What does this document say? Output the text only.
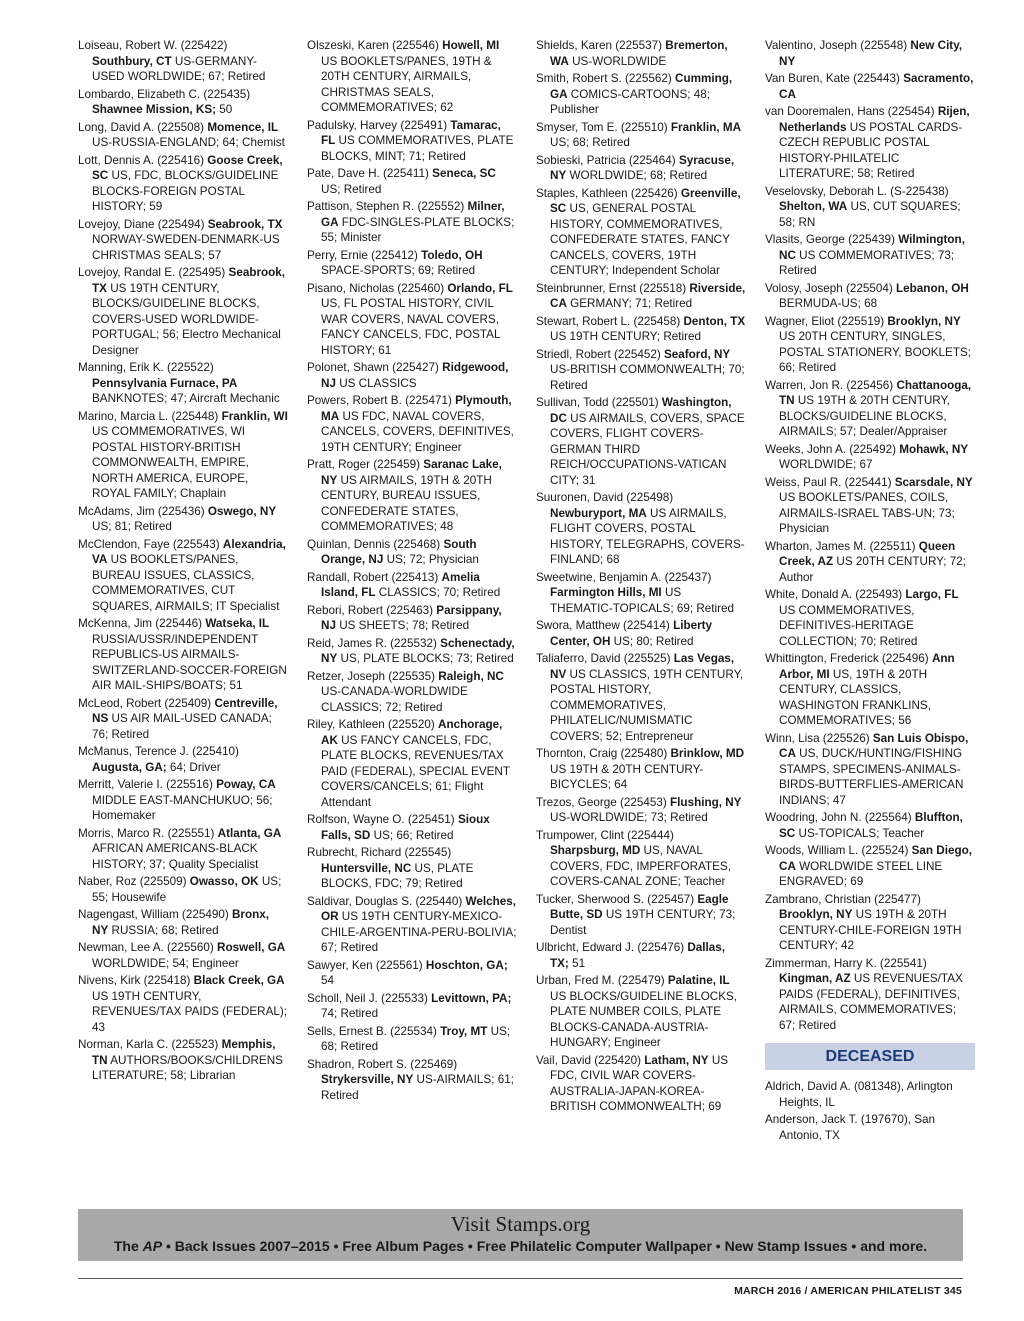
Loiseau, Robert W. (225422) Southbury, CT US-GERMANY-USED WORLDWIDE; 67; Retired
Lombardo, Elizabeth C. (225435) Shawnee Mission, KS; 50
Long, David A. (225508) Momence, IL US-RUSSIA-ENGLAND; 64; Chemist
Lott, Dennis A. (225416) Goose Creek, SC US, FDC, BLOCKS/GUIDELINE BLOCKS-FOREIGN POSTAL HISTORY; 59
Lovejoy, Diane (225494) Seabrook, TX NORWAY-SWEDEN-DENMARK-US CHRISTMAS SEALS; 57
Lovejoy, Randal E. (225495) Seabrook, TX US 19TH CENTURY, BLOCKS/GUIDELINE BLOCKS, COVERS-USED WORLDWIDE-PORTUGAL; 56; Electro Mechanical Designer
Manning, Erik K. (225522) Pennsylvania Furnace, PA BANKNOTES; 47; Aircraft Mechanic
Marino, Marcia L. (225448) Franklin, WI US COMMEMORATIVES, WI POSTAL HISTORY-BRITISH COMMONWEALTH, EMPIRE, NORTH AMERICA, EUROPE, ROYAL FAMILY; Chaplain
McAdams, Jim (225436) Oswego, NY US; 81; Retired
McClendon, Faye (225543) Alexandria, VA US BOOKLETS/PANES, BUREAU ISSUES, CLASSICS, COMMEMORATIVES, CUT SQUARES, AIRMAILS; IT Specialist
McKenna, Jim (225446) Watseka, IL RUSSIA/USSR/INDEPENDENT REPUBLICS-US AIRMAILS-SWITZERLAND-SOCCER-FOREIGN AIR MAIL-SHIPS/BOATS; 51
McLeod, Robert (225409) Centreville, NS US AIR MAIL-USED CANADA; 76; Retired
McManus, Terence J. (225410) Augusta, GA; 64; Driver
Merritt, Valerie I. (225516) Poway, CA MIDDLE EAST-MANCHUKUO; 56; Homemaker
Morris, Marco R. (225551) Atlanta, GA AFRICAN AMERICANS-BLACK HISTORY; 37; Quality Specialist
Naber, Roz (225509) Owasso, OK US; 55; Housewife
Nagengast, William (225490) Bronx, NY RUSSIA; 68; Retired
Newman, Lee A. (225560) Roswell, GA WORLDWIDE; 54; Engineer
Nivens, Kirk (225418) Black Creek, GA US 19TH CENTURY, REVENUES/TAX PAIDS (FEDERAL); 43
Norman, Karla C. (225523) Memphis, TN AUTHORS/BOOKS/CHILDRENS LITERATURE; 58; Librarian
Olszeski, Karen (225546) Howell, MI US BOOKLETS/PANES, 19TH & 20TH CENTURY, AIRMAILS, CHRISTMAS SEALS, COMMEMORATIVES; 62
Padulsky, Harvey (225491) Tamarac, FL US COMMEMORATIVES, PLATE BLOCKS, MINT; 71; Retired
Pate, Dave H. (225411) Seneca, SC US; Retired
Pattison, Stephen R. (225552) Milner, GA FDC-SINGLES-PLATE BLOCKS; 55; Minister
Perry, Ernie (225412) Toledo, OH SPACE-SPORTS; 69; Retired
Pisano, Nicholas (225460) Orlando, FL US, FL POSTAL HISTORY, CIVIL WAR COVERS, NAVAL COVERS, FANCY CANCELS, FDC, POSTAL HISTORY; 61
Polonet, Shawn (225427) Ridgewood, NJ US CLASSICS
Powers, Robert B. (225471) Plymouth, MA US FDC, NAVAL COVERS, CANCELS, COVERS, DEFINITIVES, 19TH CENTURY; Engineer
Pratt, Roger (225459) Saranac Lake, NY US AIRMAILS, 19TH & 20TH CENTURY, BUREAU ISSUES, CONFEDERATE STATES, COMMEMORATIVES; 48
Quinlan, Dennis (225468) South Orange, NJ US; 72; Physician
Randall, Robert (225413) Amelia Island, FL CLASSICS; 70; Retired
Rebori, Robert (225463) Parsippany, NJ US SHEETS; 78; Retired
Reid, James R. (225532) Schenectady, NY US, PLATE BLOCKS; 73; Retired
Retzer, Joseph (225535) Raleigh, NC US-CANADA-WORLDWIDE CLASSICS; 72; Retired
Riley, Kathleen (225520) Anchorage, AK US FANCY CANCELS, FDC, PLATE BLOCKS, REVENUES/TAX PAID (FEDERAL), SPECIAL EVENT COVERS/CANCELS; 61; Flight Attendant
Rolfson, Wayne O. (225451) Sioux Falls, SD US; 66; Retired
Rubrecht, Richard (225545) Huntersville, NC US, PLATE BLOCKS, FDC; 79; Retired
Saldivar, Douglas S. (225440) Welches, OR US 19TH CENTURY-MEXICO-CHILE-ARGENTINA-PERU-BOLIVIA; 67; Retired
Sawyer, Ken (225561) Hoschton, GA; 54
Scholl, Neil J. (225533) Levittown, PA; 74; Retired
Sells, Ernest B. (225534) Troy, MT US; 68; Retired
Shadron, Robert S. (225469) Strykersville, NY US-AIRMAILS; 61; Retired
Shields, Karen (225537) Bremerton, WA US-WORLDWIDE
Smith, Robert S. (225562) Cumming, GA COMICS-CARTOONS; 48; Publisher
Smyser, Tom E. (225510) Franklin, MA US; 68; Retired
Sobieski, Patricia (225464) Syracuse, NY WORLDWIDE; 68; Retired
Staples, Kathleen (225426) Greenville, SC US, GENERAL POSTAL HISTORY, COMMEMORATIVES, CONFEDERATE STATES, FANCY CANCELS, COVERS, 19TH CENTURY; Independent Scholar
Steinbrunner, Ernst (225518) Riverside, CA GERMANY; 71; Retired
Stewart, Robert L. (225458) Denton, TX US 19TH CENTURY; Retired
Striedl, Robert (225452) Seaford, NY US-BRITISH COMMONWEALTH; 70; Retired
Sullivan, Todd (225501) Washington, DC US AIRMAILS, COVERS, SPACE COVERS, FLIGHT COVERS-GERMAN THIRD REICH/OCCUPATIONS-VATICAN CITY; 31
Suuronen, David (225498) Newburyport, MA US AIRMAILS, FLIGHT COVERS, POSTAL HISTORY, TELEGRAPHS, COVERS-FINLAND; 68
Sweetwine, Benjamin A. (225437) Farmington Hills, MI US THEMATIC-TOPICALS; 69; Retired
Swora, Matthew (225414) Liberty Center, OH US; 80; Retired
Taliaferro, David (225525) Las Vegas, NV US CLASSICS, 19TH CENTURY, POSTAL HISTORY, COMMEMORATIVES, PHILATELIC/NUMISMATIC COVERS; 52; Entrepreneur
Thornton, Craig (225480) Brinklow, MD US 19TH & 20TH CENTURY-BICYCLES; 64
Trezos, George (225453) Flushing, NY US-WORLDWIDE; 73; Retired
Trumpower, Clint (225444) Sharpsburg, MD US, NAVAL COVERS, FDC, IMPERFORATES, COVERS-CANAL ZONE; Teacher
Tucker, Sherwood S. (225457) Eagle Butte, SD US 19TH CENTURY; 73; Dentist
Ulbricht, Edward J. (225476) Dallas, TX; 51
Urban, Fred M. (225479) Palatine, IL US BLOCKS/GUIDELINE BLOCKS, PLATE NUMBER COILS, PLATE BLOCKS-CANADA-AUSTRIA-HUNGARY; Engineer
Vail, David (225420) Latham, NY US FDC, CIVIL WAR COVERS-AUSTRALIA-JAPAN-KOREA-BRITISH COMMONWEALTH; 69
Valentino, Joseph (225548) New City, NY
Van Buren, Kate (225443) Sacramento, CA
van Dooremalen, Hans (225454) Rijen, Netherlands US POSTAL CARDS-CZECH REPUBLIC POSTAL HISTORY-PHILATELIC LITERATURE; 58; Retired
Veselovsky, Deborah L. (S-225438) Shelton, WA US, CUT SQUARES; 58; RN
Vlasits, George (225439) Wilmington, NC US COMMEMORATIVES; 73; Retired
Volosy, Joseph (225504) Lebanon, OH BERMUDA-US; 68
Wagner, Eliot (225519) Brooklyn, NY US 20TH CENTURY, SINGLES, POSTAL STATIONERY, BOOKLETS; 66; Retired
Warren, Jon R. (225456) Chattanooga, TN US 19TH & 20TH CENTURY, BLOCKS/GUIDELINE BLOCKS, AIRMAILS; 57; Dealer/Appraiser
Weeks, John A. (225492) Mohawk, NY WORLDWIDE; 67
Weiss, Paul R. (225441) Scarsdale, NY US BOOKLETS/PANES, COILS, AIRMAILS-ISRAEL TABS-UN; 73; Physician
Wharton, James M. (225511) Queen Creek, AZ US 20TH CENTURY; 72; Author
White, Donald A. (225493) Largo, FL US COMMEMORATIVES, DEFINITIVES-HERITAGE COLLECTION; 70; Retired
Whittington, Frederick (225496) Ann Arbor, MI US, 19TH & 20TH CENTURY, CLASSICS, WASHINGTON FRANKLINS, COMMEMORATIVES; 56
Winn, Lisa (225526) San Luis Obispo, CA US, DUCK/HUNTING/FISHING STAMPS, SPECIMENS-ANIMALS-BIRDS-BUTTERFLIES-AMERICAN INDIANS; 47
Woodring, John N. (225564) Bluffton, SC US-TOPICALS; Teacher
Woods, William L. (225524) San Diego, CA WORLDWIDE STEEL LINE ENGRAVED; 69
Zambrano, Christian (225477) Brooklyn, NY US 19TH & 20TH CENTURY-CHILE-FOREIGN 19TH CENTURY; 42
Zimmerman, Harry K. (225541) Kingman, AZ US REVENUES/TAX PAIDS (FEDERAL), DEFINITIVES, AIRMAILS, COMMEMORATIVES; 67; Retired
DECEASED
Aldrich, David A. (081348), Arlington Heights, IL
Anderson, Jack T. (197670), San Antonio, TX
Visit Stamps.org
The AP • Back Issues 2007–2015 • Free Album Pages • Free Philatelic Computer Wallpaper • New Stamp Issues • and more.
MARCH 2016 / AMERICAN PHILATELIST 345
